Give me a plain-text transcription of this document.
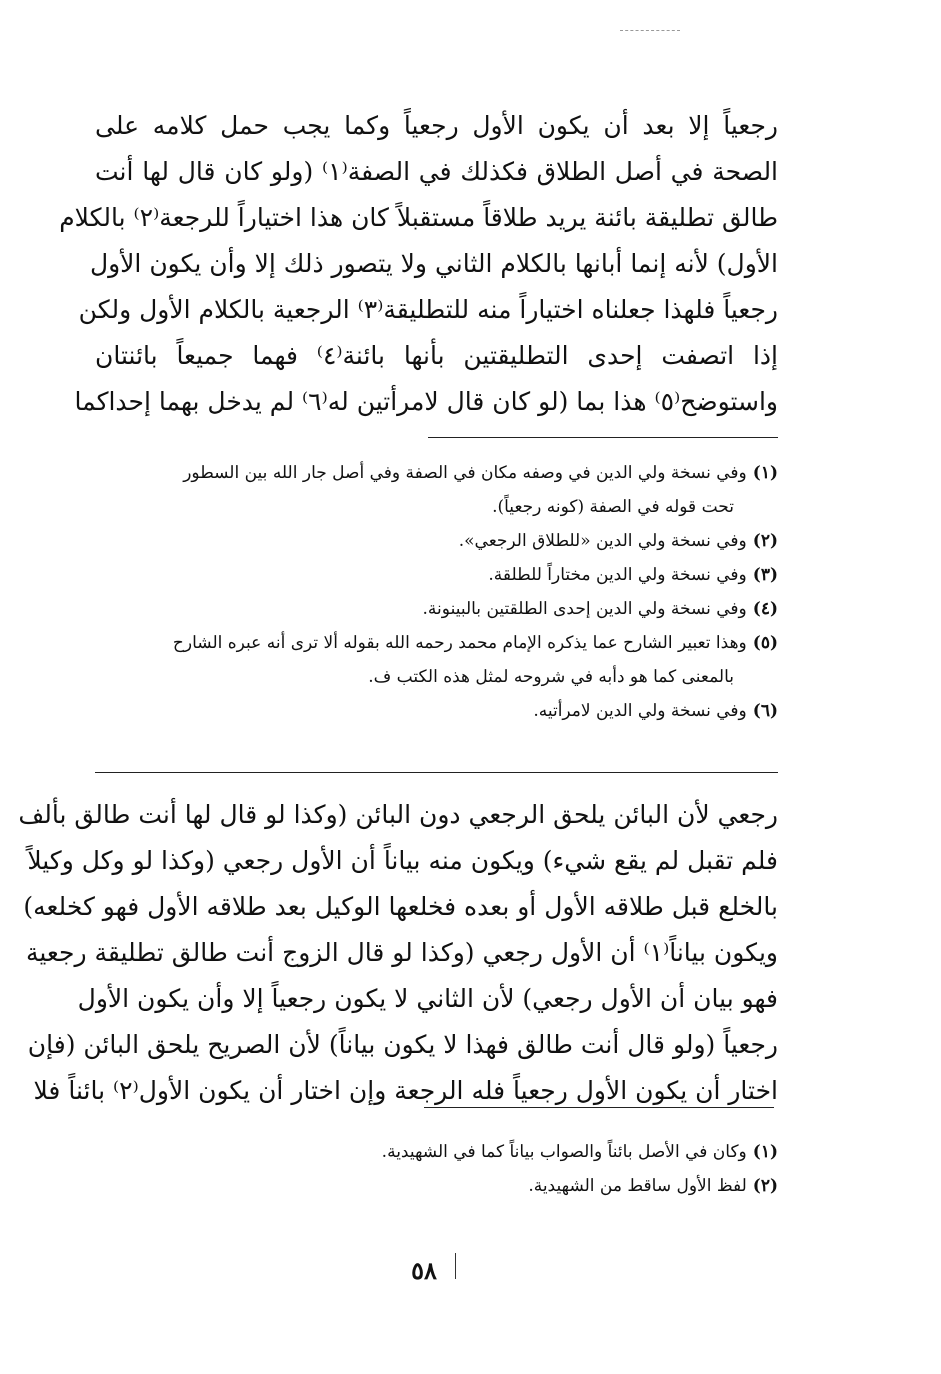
رجعياً إلا بعد أن يكون الأول رجعياً وكما يجب حمل كلامه على
الصحة في أصل الطلاق فكذلك في الصفة⁽١⁾ (ولو كان قال لها أنت
طالق تطليقة بائنة يريد طلاقاً مستقبلاً كان هذا اختياراً للرجعة⁽٢⁾ بالكلام
الأول) لأنه إنما أبانها بالكلام الثاني ولا يتصور ذلك إلا وأن يكون الأول
رجعياً فلهذا جعلناه اختياراً منه للتطليقة⁽٣⁾ الرجعية بالكلام الأول ولكن
إذا اتصفت إحدى التطليقتين بأنها بائنة⁽٤⁾ فهما جميعاً بائنتان
واستوضح⁽٥⁾ هذا بما (لو كان قال لامرأتين له⁽٦⁾ لم يدخل بهما إحداكما
(١)وفي نسخة ولي الدين في وصفه مكان في الصفة وفي أصل جار الله بين السطور
تحت قوله في الصفة (كونه رجعياً).
(٢)وفي نسخة ولي الدين «للطلاق الرجعي».
(٣)وفي نسخة ولي الدين مختاراً للطلقة.
(٤)وفي نسخة ولي الدين إحدى الطلقتين بالبينونة.
(٥)وهذا تعبير الشارح عما يذكره الإمام محمد رحمه الله بقوله ألا ترى أنه عبره الشارح
بالمعنى كما هو دأبه في شروحه لمثل هذه الكتب ف.
(٦)وفي نسخة ولي الدين لامرأتيه.
رجعي لأن البائن يلحق الرجعي دون البائن (وكذا لو قال لها أنت طالق بألف
فلم تقبل لم يقع شيء) ويكون منه بياناً أن الأول رجعي (وكذا لو وكل وكيلاً
بالخلع قبل طلاقه الأول أو بعده فخلعها الوكيل بعد طلاقه الأول فهو كخلعه)
ويكون بياناً⁽١⁾ أن الأول رجعي (وكذا لو قال الزوج أنت طالق تطليقة رجعية
فهو بيان أن الأول رجعي) لأن الثاني لا يكون رجعياً إلا وأن يكون الأول
رجعياً (ولو قال أنت طالق فهذا لا يكون بياناً) لأن الصريح يلحق البائن (فإن
اختار أن يكون الأول رجعياً فله الرجعة وإن اختار أن يكون الأول⁽٢⁾ بائناً فلا
(١)وكان في الأصل بائناً والصواب بياناً كما في الشهيدية.
(٢)لفظ الأول ساقط من الشهيدية.
٥٨
